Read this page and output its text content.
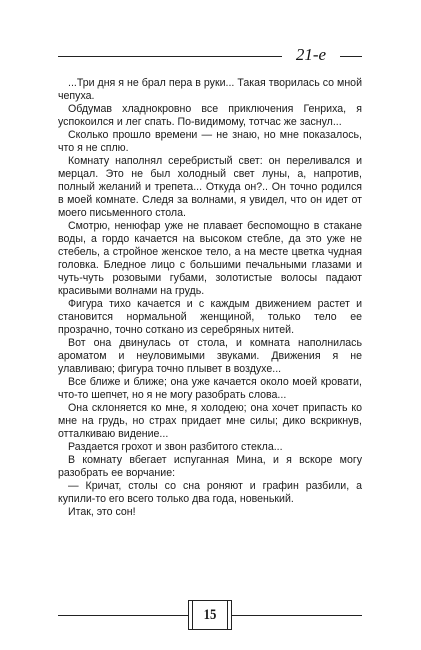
21-е

...Три дня я не брал пера в руки... Такая творилась со мной чепуха.

Обдумав хладнокровно все приключения Генриха, я успокоился и лег спать. По-видимому, тотчас же заснул...

Сколько прошло времени — не знаю, но мне показалось, что я не сплю.

Комнату наполнял серебристый свет: он переливался и мерцал. Это не был холодный свет луны, а, напротив, полный желаний и трепета... Откуда он?.. Он точно родился в моей комнате. Следя за волнами, я увидел, что он идет от моего письменного стола.

Смотрю, ненюфар уже не плавает беспомощно в стакане воды, а гордо качается на высоком стебле, да это уже не стебель, а стройное женское тело, а на месте цветка чудная головка. Бледное лицо с большими печальными глазами и чуть-чуть розовыми губами, золотистые волосы падают красивыми волнами на грудь.

Фигура тихо качается и с каждым движением растет и становится нормальной женщиной, только тело ее прозрачно, точно соткано из серебряных нитей.

Вот она двинулась от стола, и комната наполнилась ароматом и неуловимыми звуками. Движения я не улавливаю; фигура точно плывет в воздухе...

Все ближе и ближе; она уже качается около моей кровати, что-то шепчет, но я не могу разобрать слова...

Она склоняется ко мне, я холодею; она хочет припасть ко мне на грудь, но страх придает мне силы; дико вскрикнув, отталкиваю видение...

Раздается грохот и звон разбитого стекла...

В комнату вбегает испуганная Мина, и я вскоре могу разобрать ее ворчание:

— Кричат, столы со сна роняют и графин разбили, а купили-то его всего только два года, новенький.

Итак, это сон!

15
